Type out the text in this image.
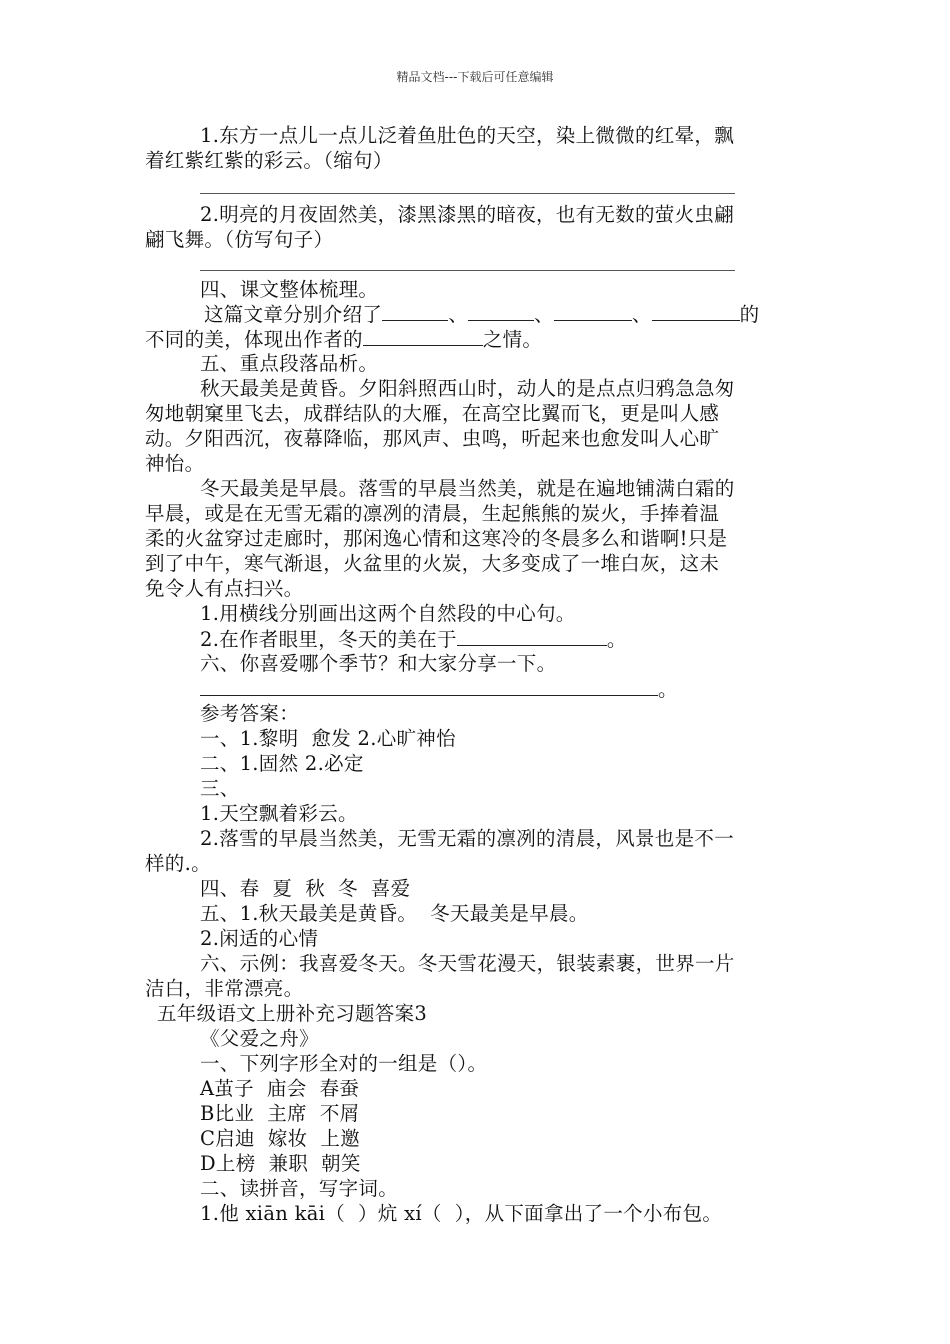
精品文档---下载后可任意编辑
1.东方一点儿一点儿泛着鱼肚色的天空，染上微微的红晕，飘
着红紫红紫的彩云。（缩句）
2.明亮的月夜固然美，漆黑漆黑的暗夜，也有无数的萤火虫翩
翩飞舞。（仿写句子）
四、课文整体梳理。
这篇文章分别介绍了	、	、	、	的
不同的美，体现出作者的	之情。
五、重点段落品析。
秋天最美是黄昏。夕阳斜照西山时，动人的是点点归鸦急急匆
匆地朝窠里飞去，成群结队的大雁，在高空比翼而飞，更是叫人感
动。夕阳西沉，夜幕降临，那风声、虫鸣，听起来也愈发叫人心旷
神怡。
冬天最美是早晨。落雪的早晨当然美，就是在遍地铺满白霜的
早晨，或是在无雪无霜的凛冽的清晨，生起熊熊的炭火，手捧着温
柔的火盆穿过走廊时，那闲逸心情和这寒冷的冬晨多么和谐啊!只是
到了中午，寒气渐退，火盆里的火炭，大多变成了一堆白灰，这未
免令人有点扫兴。
1.用横线分别画出这两个自然段的中心句。
2.在作者眼里，冬天的美在于	。
六、你喜爱哪个季节？和大家分享一下。
。
参考答案：
一、1.黎明  愈发 2.心旷神怡
二、1.固然 2.必定
三、
1.天空飘着彩云。
2.落雪的早晨当然美，无雪无霜的凛冽的清晨，风景也是不一
样的.。
四、春  夏  秋  冬  喜爱
五、1.秋天最美是黄昏。  冬天最美是早晨。
2.闲适的心情
六、示例：我喜爱冬天。冬天雪花漫天，银装素裹，世界一片
洁白，非常漂亮。
五年级语文上册补充习题答案3
《父爱之舟》
一、下列字形全对的一组是（）。
A茧子  庙会  春蚕
B比业  主席  不屑
C启迪  嫁妆  上邀
D上榜  兼职  朝笑
二、读拼音，写字词。
1.他 xiān kāi（  ）炕 xí（  ），从下面拿出了一个小布包。
